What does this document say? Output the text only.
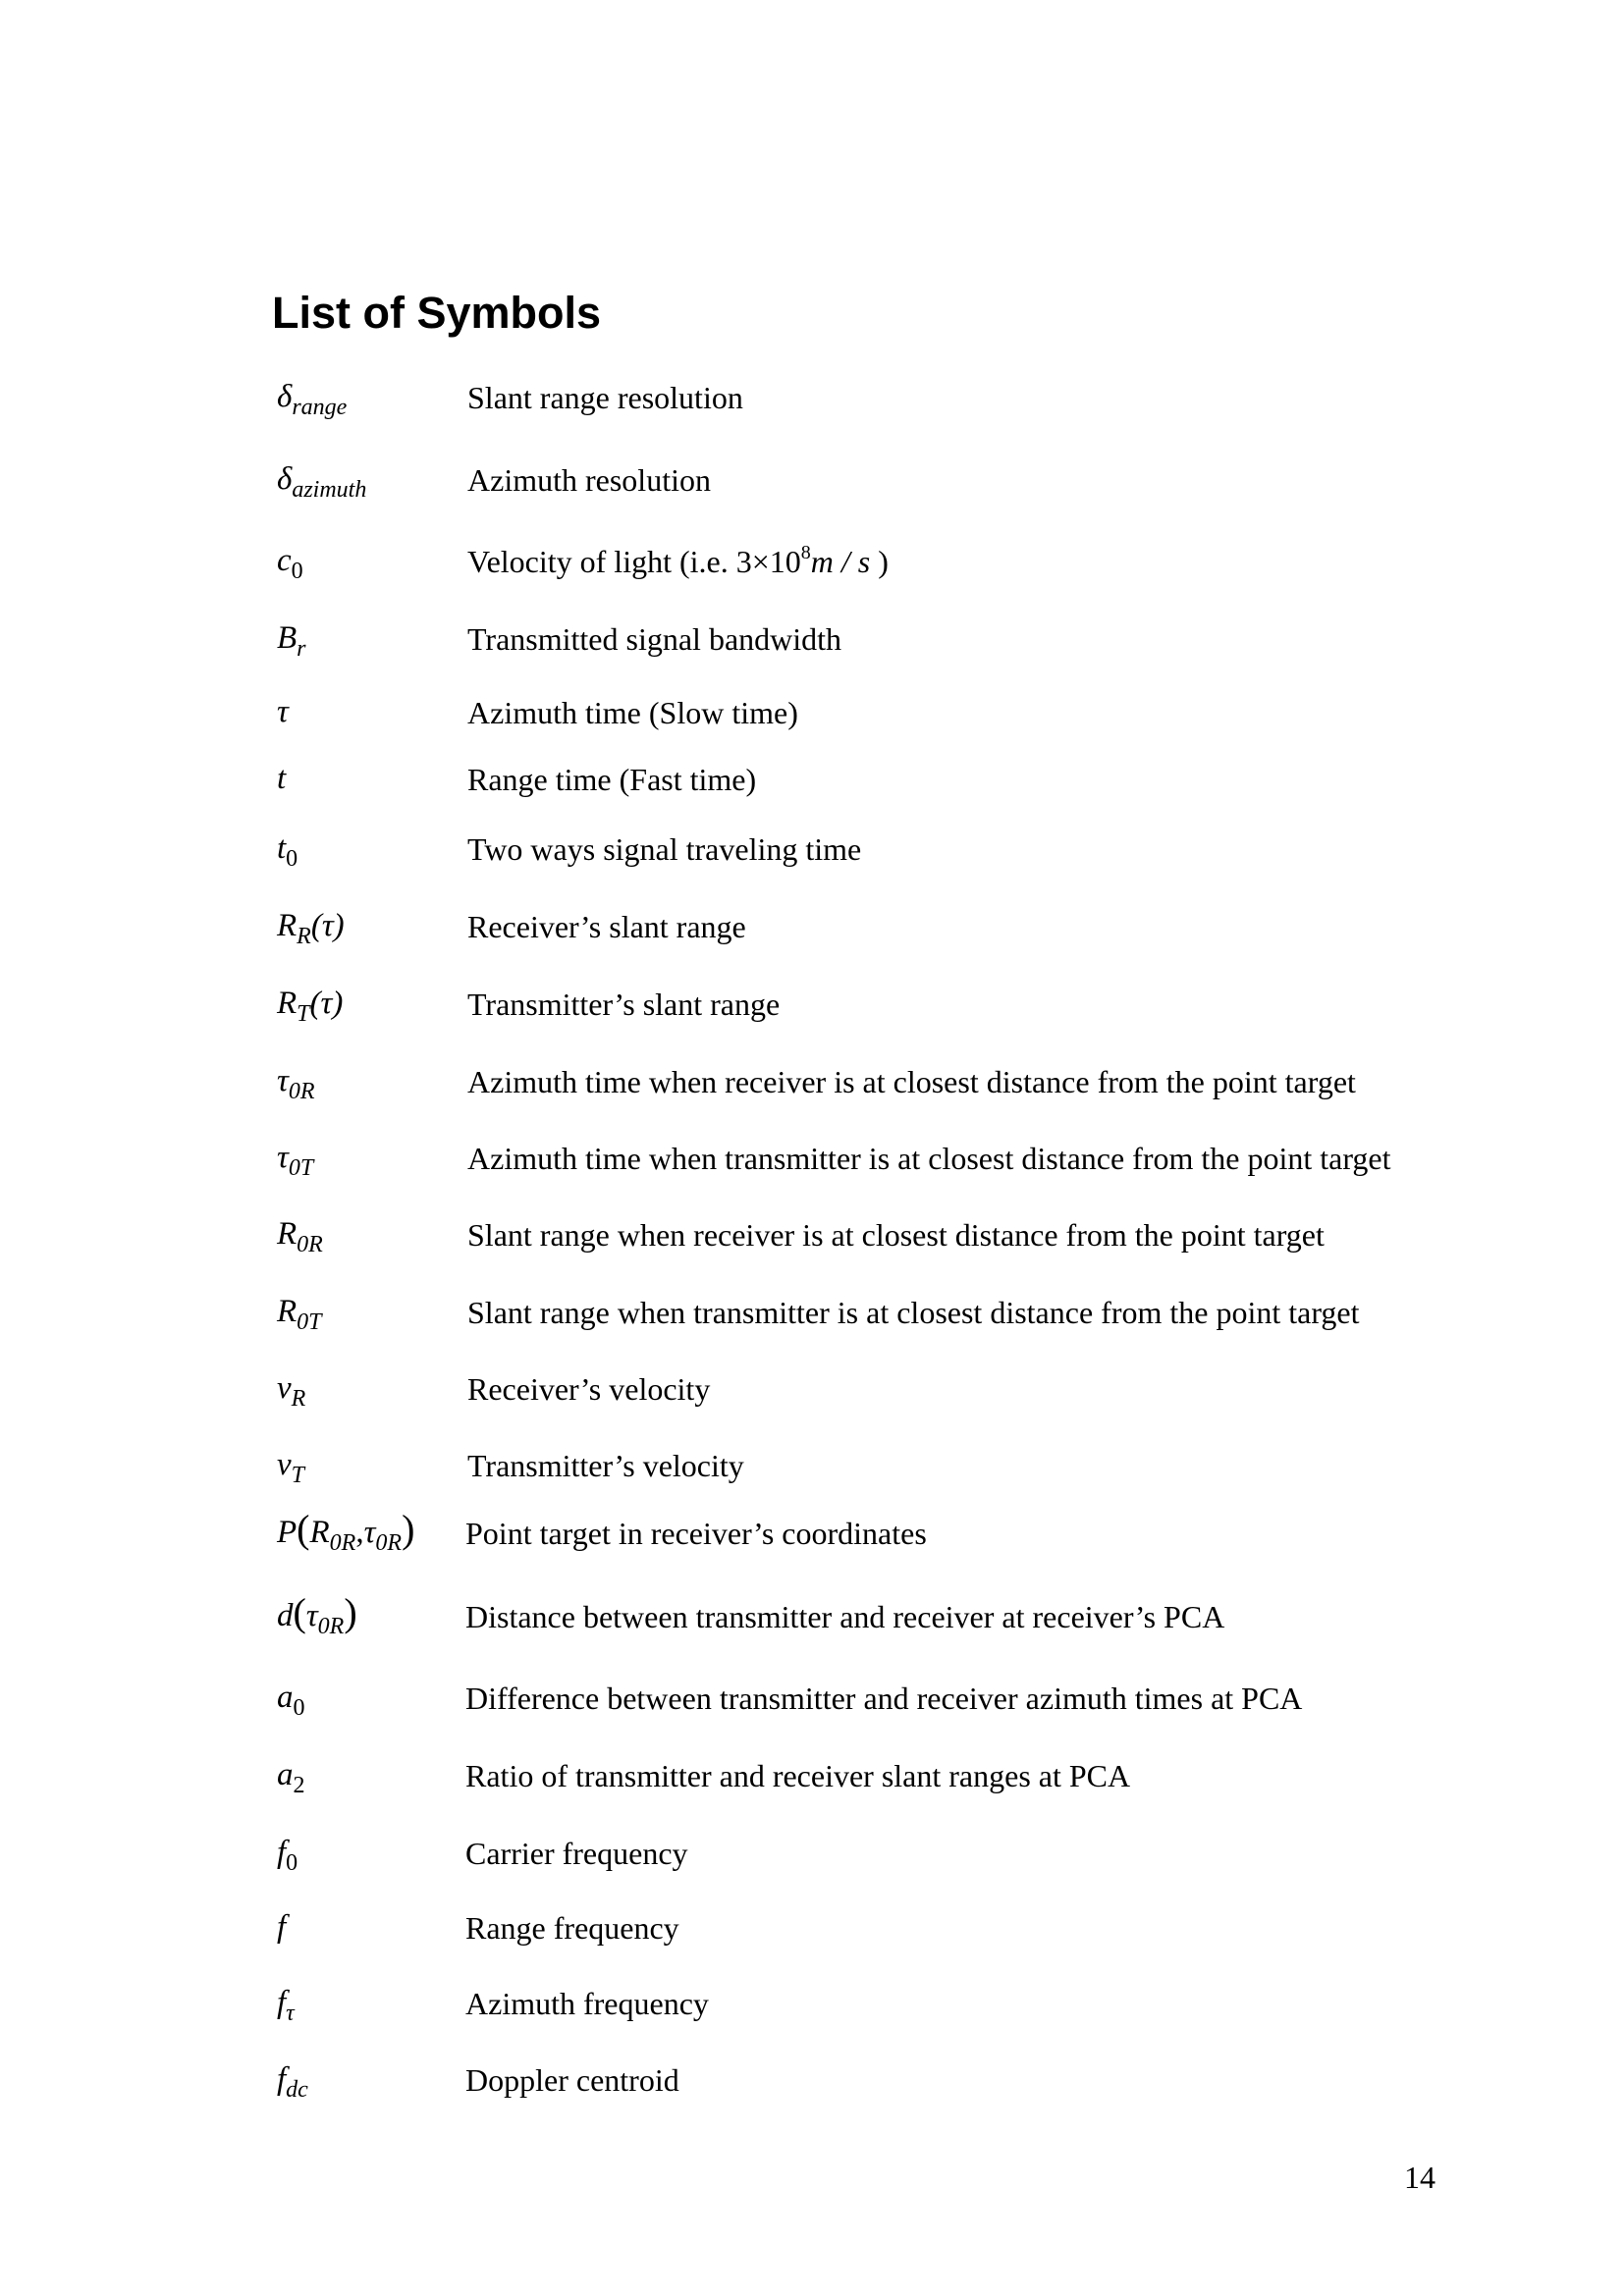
List of Symbols
$\delta_{range}$	Slant range resolution
$\delta_{azimuth}$	Azimuth resolution
$c_0$	Velocity of light (i.e. $3\times 10^8m / s$ )
$B_r$	Transmitted signal bandwidth
τ	Azimuth time (Slow time)
t	Range time (Fast time)
$t_0$	Two ways signal traveling time
$R_R(\tau)$	Receiver’s slant range
$R_T(\tau)$	Transmitter’s slant range
$\tau_{0R}$	Azimuth time when receiver is at closest distance from the point target
$\tau_{0T}$	Azimuth time when transmitter is at closest distance from the point target
$R_{0R}$	Slant range when receiver is at closest distance from the point target
$R_{0T}$	Slant range when transmitter is at closest distance from the point target
$v_R$	Receiver’s velocity
$v_T$	Transmitter’s velocity
$P(R_{0R},\tau_{0R})$ Point target in receiver’s coordinates
$d(\tau_{0R})$	Distance between transmitter and receiver at receiver’s PCA
$a_0$	Difference between transmitter and receiver azimuth times at PCA
$a_2$	Ratio of transmitter and receiver slant ranges at PCA
$f_0$	Carrier frequency
f	Range frequency
$f_\tau$	Azimuth frequency
$f_{dc}$	Doppler centroid
14
